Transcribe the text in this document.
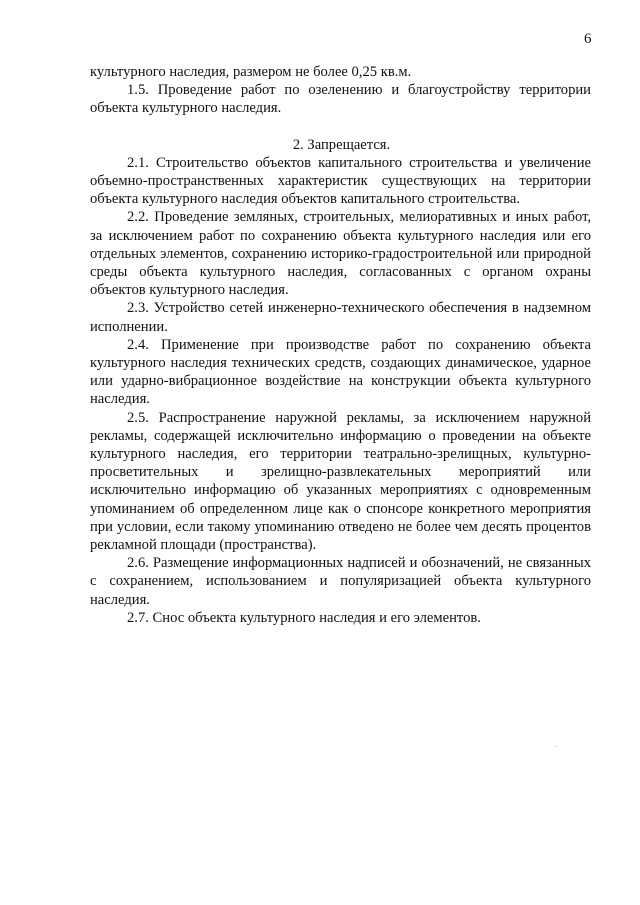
6

культурного наследия, размером не более 0,25 кв.м.

1.5. Проведение работ по озеленению и благоустройству территории объекта культурного наследия.

2. Запрещается.

2.1. Строительство объектов капитального строительства и увеличение объемно-пространственных характеристик существующих на территории объекта культурного наследия объектов капитального строительства.

2.2. Проведение земляных, строительных, мелиоративных и иных работ, за исключением работ по сохранению объекта культурного наследия или его отдельных элементов, сохранению историко-градостроительной или природной среды объекта культурного наследия, согласованных с органом охраны объектов культурного наследия.

2.3. Устройство сетей инженерно-технического обеспечения в надземном исполнении.

2.4. Применение при производстве работ по сохранению объекта культурного наследия технических средств, создающих динамическое, ударное или ударно-вибрационное воздействие на конструкции объекта культурного наследия.

2.5. Распространение наружной рекламы, за исключением наружной рекламы, содержащей исключительно информацию о проведении на объекте культурного наследия, его территории театрально-зрелищных, культурно-просветительных и зрелищно-развлекательных мероприятий или исключительно информацию об указанных мероприятиях с одновременным упоминанием об определенном лице как о спонсоре конкретного мероприятия при условии, если такому упоминанию отведено не более чем десять процентов рекламной площади (пространства).

2.6. Размещение информационных надписей и обозначений, не связанных с сохранением, использованием и популяризацией объекта культурного наследия.

2.7. Снос объекта культурного наследия и его элементов.
